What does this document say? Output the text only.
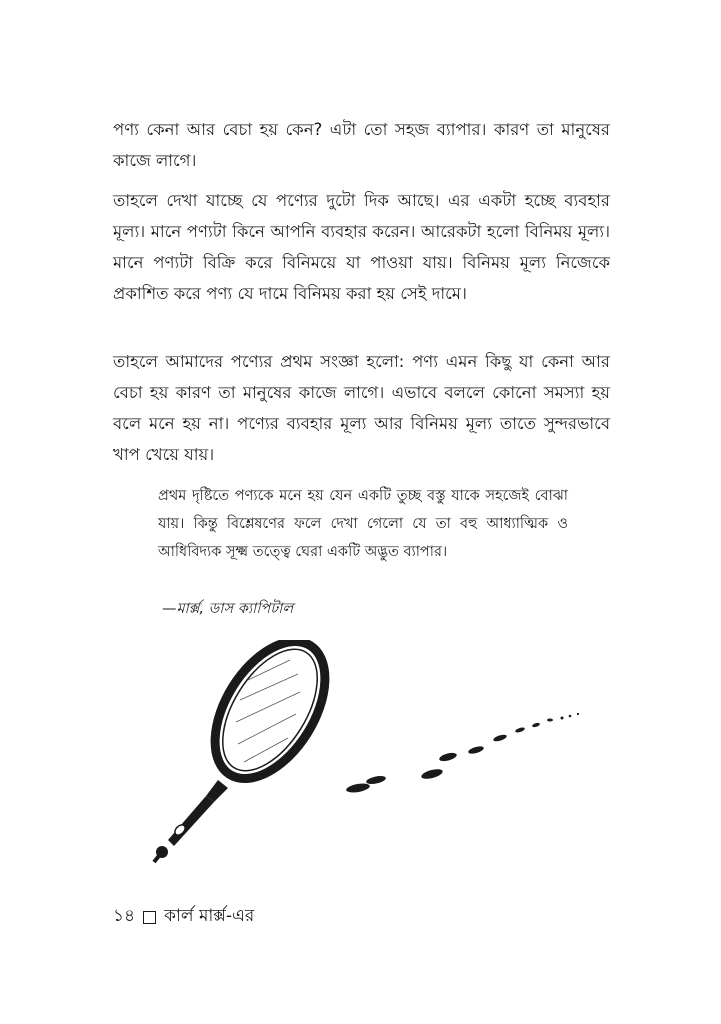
পণ্য কেনা আর বেচা হয় কেন? এটা তো সহজ ব্যাপার। কারণ তা মানুষের কাজে লাগে।

তাহলে দেখা যাচ্ছে যে পণ্যের দুটো দিক আছে। এর একটা হচ্ছে ব্যবহার মূল্য। মানে পণ্যটা কিনে আপনি ব্যবহার করেন। আরেকটা হলো বিনিময় মূল্য। মানে পণ্যটা বিক্রি করে বিনিময়ে যা পাওয়া যায়। বিনিময় মূল্য নিজেকে প্রকাশিত করে পণ্য যে দামে বিনিময় করা হয় সেই দামে।

তাহলে আমাদের পণ্যের প্রথম সংজ্ঞা হলো: পণ্য এমন কিছু যা কেনা আর বেচা হয় কারণ তা মানুষের কাজে লাগে। এভাবে বললে কোনো সমস্যা হয় বলে মনে হয় না। পণ্যের ব্যবহার মূল্য আর বিনিময় মূল্য তাতে সুন্দরভাবে খাপ খেয়ে যায়।

প্রথম দৃষ্টিতে পণ্যকে মনে হয় যেন একটি তুচ্ছ বস্তু যাকে সহজেই বোঝা যায়। কিন্তু বিশ্লেষণের ফলে দেখা গেলো যে তা বহু আধ্যাত্মিক ও আধিবিদ্যক সূক্ষ্ম তত্ত্বে ঘেরা একটি অদ্ভুত ব্যাপার।

—মার্ক্স, ডাস ক্যাপিটাল

১৪ কার্ল মার্ক্স-এর
